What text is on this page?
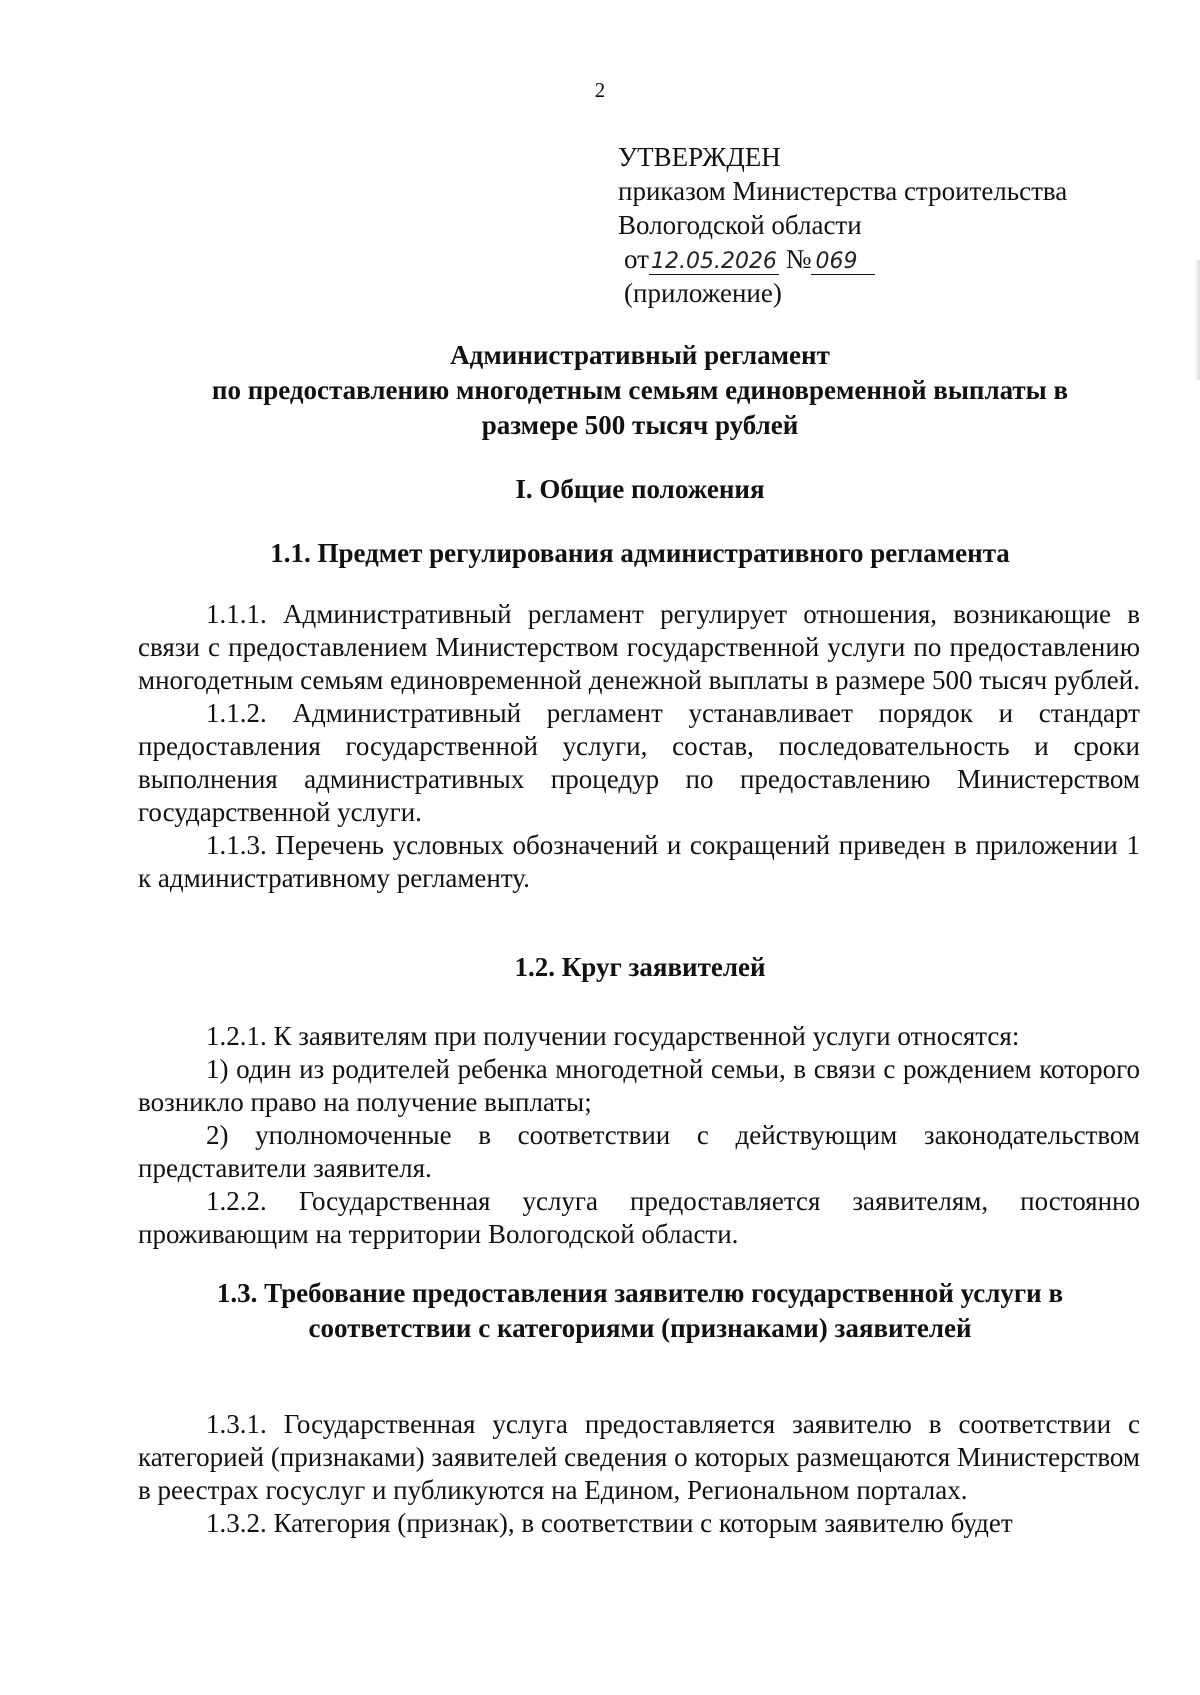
2
УТВЕРЖДЕН
приказом Министерства строительства
Вологодской области
от12.05.2026 № 069
(приложение)
Административный регламент
по предоставлению многодетным семьям единовременной выплаты в
размере 500 тысяч рублей
I. Общие положения
1.1. Предмет регулирования административного регламента

1.1.1. Административный регламент регулирует отношения, возникающие в связи с предоставлением Министерством государственной услуги по предоставлению многодетным семьям единовременной денежной выплаты в размере 500 тысяч рублей.

1.1.2. Административный регламент устанавливает порядок и стандарт предоставления государственной услуги, состав, последовательность и сроки выполнения административных процедур по предоставлению Министерством государственной услуги.

1.1.3. Перечень условных обозначений и сокращений приведен в приложении 1 к административному регламенту.

1.2. Круг заявителей

1.2.1. К заявителям при получении государственной услуги относятся:

1) один из родителей ребенка многодетной семьи, в связи с рождением которого возникло право на получение выплаты;

2) уполномоченные в соответствии с действующим законодательством представители заявителя.

1.2.2. Государственная услуга предоставляется заявителям, постоянно проживающим на территории Вологодской области.

1.3. Требование предоставления заявителю государственной услуги в
соответствии с категориями (признаками) заявителей

1.3.1. Государственная услуга предоставляется заявителю в соответствии с категорией (признаками) заявителей сведения о которых размещаются Министерством в реестрах госуслуг и публикуются на Едином, Региональном порталах.

1.3.2. Категория (признак), в соответствии с которым заявителю будет
